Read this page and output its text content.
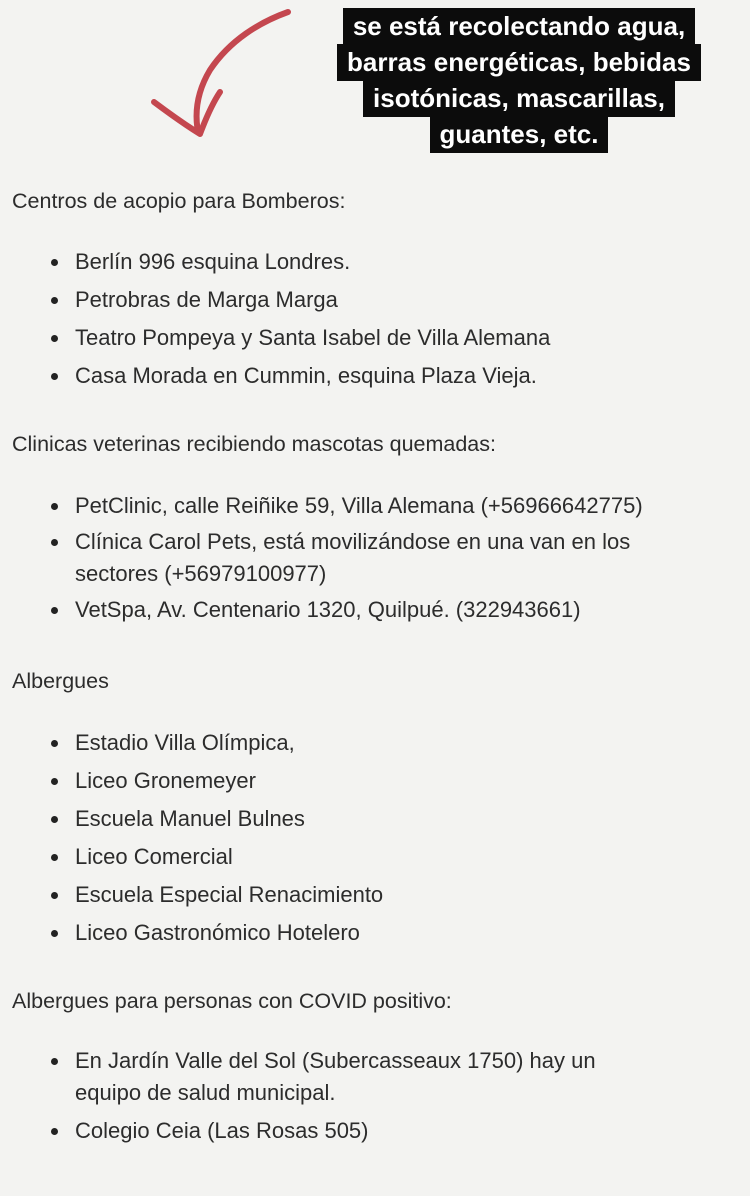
se está recolectando agua,
barras energéticas, bebidas
isotónicas, mascarillas,
guantes, etc.
Centros de acopio para Bomberos:
Berlín 996 esquina Londres.
Petrobras de Marga Marga
Teatro Pompeya y Santa Isabel de Villa Alemana
Casa Morada en Cummin, esquina Plaza Vieja.
Clinicas veterinas recibiendo mascotas quemadas:
PetClinic, calle Reiñike 59, Villa Alemana (+56966642775)
Clínica Carol Pets, está movilizándose en una van en los
sectores (+56979100977)
VetSpa, Av. Centenario 1320, Quilpué. (322943661)
Albergues
Estadio Villa Olímpica,
Liceo Gronemeyer
Escuela Manuel Bulnes
Liceo Comercial
Escuela Especial Renacimiento
Liceo Gastronómico Hotelero
Albergues para personas con COVID positivo:
En Jardín Valle del Sol (Subercasseaux 1750) hay un
equipo de salud municipal.
Colegio Ceia (Las Rosas 505)
